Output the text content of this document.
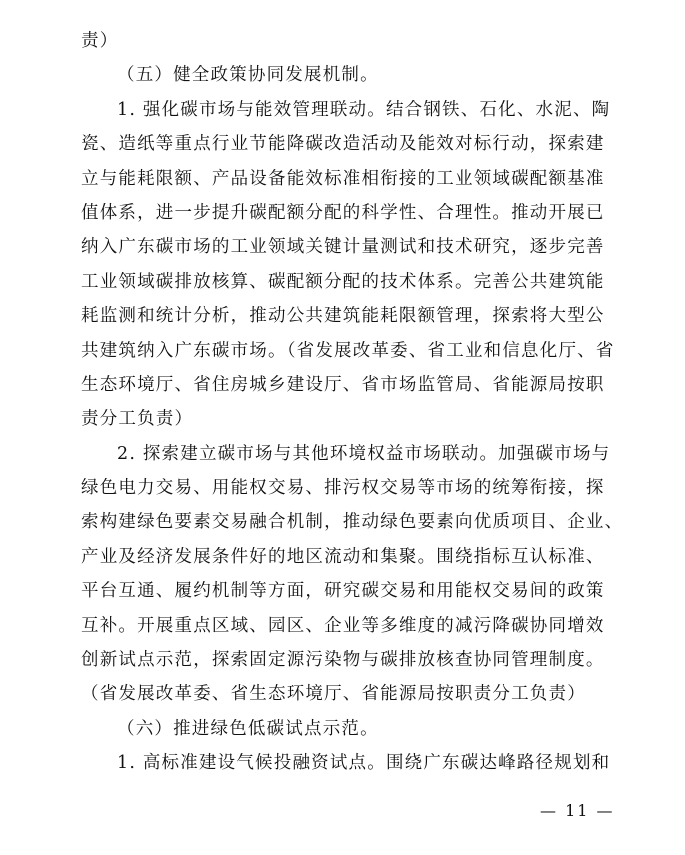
责）
（五）健全政策协同发展机制。
1. 强化碳市场与能效管理联动。结合钢铁、石化、水泥、陶
瓷、造纸等重点行业节能降碳改造活动及能效对标行动，探索建
立与能耗限额、产品设备能效标准相衔接的工业领域碳配额基准
值体系，进一步提升碳配额分配的科学性、合理性。推动开展已
纳入广东碳市场的工业领域关键计量测试和技术研究，逐步完善
工业领域碳排放核算、碳配额分配的技术体系。完善公共建筑能
耗监测和统计分析，推动公共建筑能耗限额管理，探索将大型公
共建筑纳入广东碳市场。（省发展改革委、省工业和信息化厅、省
生态环境厅、省住房城乡建设厅、省市场监管局、省能源局按职
责分工负责）
2. 探索建立碳市场与其他环境权益市场联动。加强碳市场与
绿色电力交易、用能权交易、排污权交易等市场的统筹衔接，探
索构建绿色要素交易融合机制，推动绿色要素向优质项目、企业、
产业及经济发展条件好的地区流动和集聚。围绕指标互认标准、
平台互通、履约机制等方面，研究碳交易和用能权交易间的政策
互补。开展重点区域、园区、企业等多维度的减污降碳协同增效
创新试点示范，探索固定源污染物与碳排放核查协同管理制度。
（省发展改革委、省生态环境厅、省能源局按职责分工负责）
（六）推进绿色低碳试点示范。
1. 高标准建设气候投融资试点。围绕广东碳达峰路径规划和
— 11 —
